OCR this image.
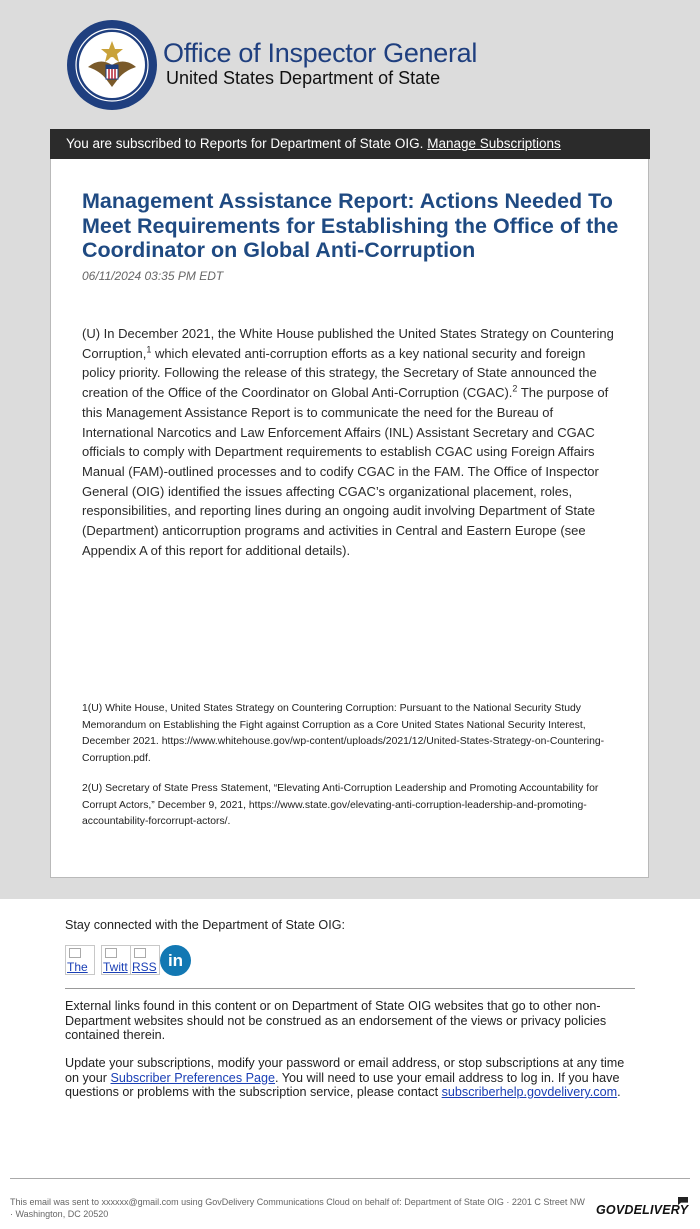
Office of Inspector General
United States Department of State
You are subscribed to Reports for Department of State OIG. Manage Subscriptions
Management Assistance Report: Actions Needed To Meet Requirements for Establishing the Office of the Coordinator on Global Anti-Corruption
06/11/2024 03:35 PM EDT

(U) In December 2021, the White House published the United States Strategy on Countering Corruption,$^1$ which elevated anti-corruption efforts as a key national security and foreign policy priority. Following the release of this strategy, the Secretary of State announced the creation of the Office of the Coordinator on Global Anti-Corruption (CGAC).$^2$ The purpose of this Management Assistance Report is to communicate the need for the Bureau of International Narcotics and Law Enforcement Affairs (INL) Assistant Secretary and CGAC officials to comply with Department requirements to establish CGAC using Foreign Affairs Manual (FAM)-outlined processes and to codify CGAC in the FAM. The Office of Inspector General (OIG) identified the issues affecting CGAC’s organizational placement, roles, responsibilities, and reporting lines during an ongoing audit involving Department of State (Department) anticorruption programs and activities in Central and Eastern Europe (see Appendix A of this report for additional details).

1(U) White House, United States Strategy on Countering Corruption: Pursuant to the National Security Study Memorandum on Establishing the Fight against Corruption as a Core United States National Security Interest, December 2021. https://www.whitehouse.gov/wp-content/uploads/2021/12/United-States-Strategy-on-Countering-Corruption.pdf.

2(U) Secretary of State Press Statement, “Elevating Anti-Corruption Leadership and Promoting Accountability for Corrupt Actors,” December 9, 2021, https://www.state.gov/elevating-anti-corruption-leadership-and-promoting-accountability-forcorrupt-actors/.

Stay connected with the Department of State OIG:
The Twitt RSS in

External links found in this content or on Department of State OIG websites that go to other non-Department websites should not be construed as an endorsement of the views or privacy policies contained therein.

Update your subscriptions, modify your password or email address, or stop subscriptions at any time on your Subscriber Preferences Page. You will need to use your email address to log in. If you have questions or problems with the subscription service, please contact subscriberhelp.govdelivery.com.

This email was sent to xxxxxx@gmail.com using GovDelivery Communications Cloud on behalf of: Department of State OIG · 2201 C Street NW · Washington, DC 20520	GOVDELIVERY
